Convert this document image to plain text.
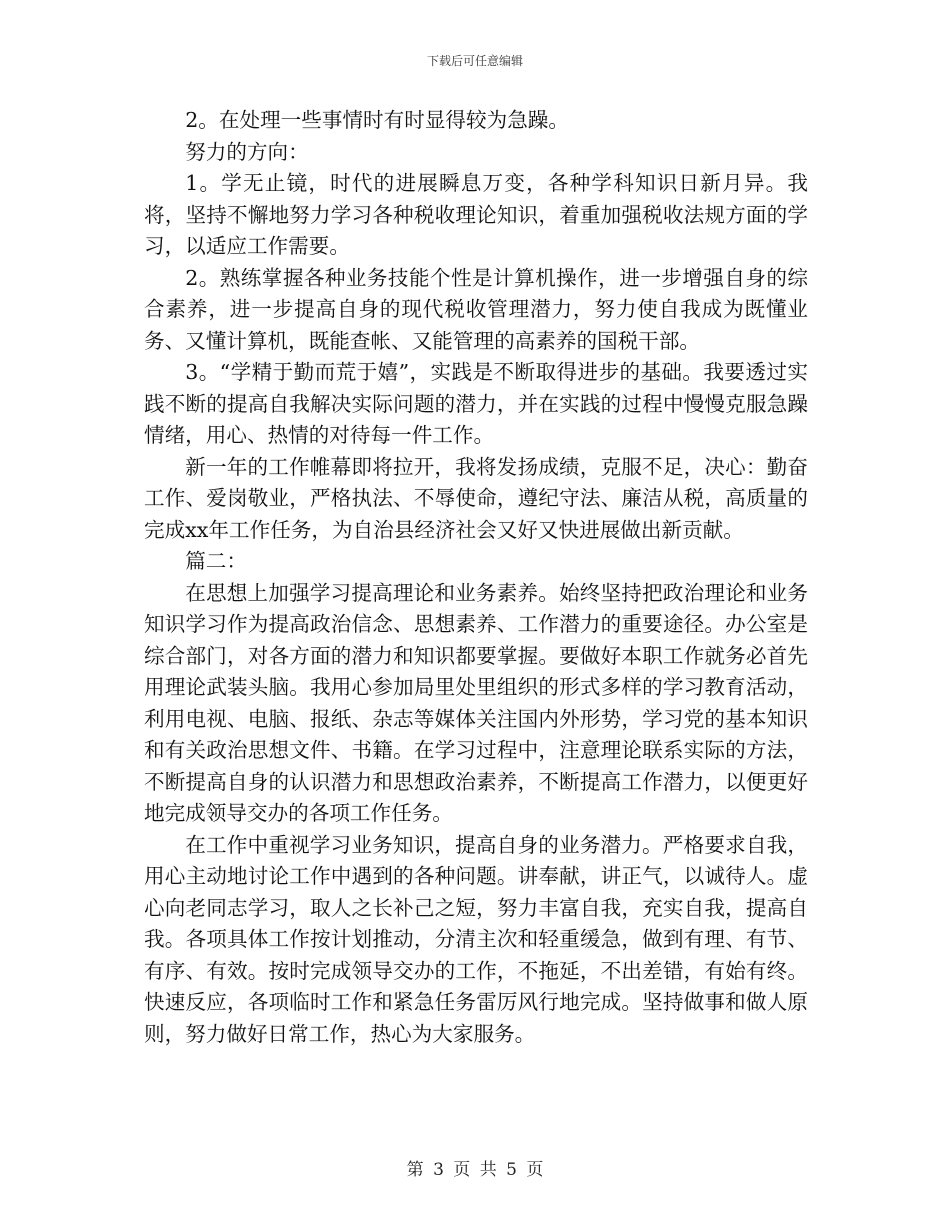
下载后可任意编辑

2。在处理一些事情时有时显得较为急躁。

努力的方向：

1。学无止镜，时代的进展瞬息万变，各种学科知识日新月异。我将，坚持不懈地努力学习各种税收理论知识，着重加强税收法规方面的学习，以适应工作需要。

2。熟练掌握各种业务技能个性是计算机操作，进一步增强自身的综合素养，进一步提高自身的现代税收管理潜力，努力使自我成为既懂业务、又懂计算机，既能查帐、又能管理的高素养的国税干部。

3。“学精于勤而荒于嬉”，实践是不断取得进步的基础。我要透过实践不断的提高自我解决实际问题的潜力，并在实践的过程中慢慢克服急躁情绪，用心、热情的对待每一件工作。

新一年的工作帷幕即将拉开，我将发扬成绩，克服不足，决心：勤奋工作、爱岗敬业，严格执法、不辱使命，遵纪守法、廉洁从税，高质量的完成xx年工作任务，为自治县经济社会又好又快进展做出新贡献。

篇二：

在思想上加强学习提高理论和业务素养。始终坚持把政治理论和业务知识学习作为提高政治信念、思想素养、工作潜力的重要途径。办公室是综合部门，对各方面的潜力和知识都要掌握。要做好本职工作就务必首先用理论武装头脑。我用心参加局里处里组织的形式多样的学习教育活动，利用电视、电脑、报纸、杂志等媒体关注国内外形势，学习党的基本知识和有关政治思想文件、书籍。在学习过程中，注意理论联系实际的方法，不断提高自身的认识潜力和思想政治素养，不断提高工作潜力，以便更好地完成领导交办的各项工作任务。

在工作中重视学习业务知识，提高自身的业务潜力。严格要求自我，用心主动地讨论工作中遇到的各种问题。讲奉献，讲正气，以诚待人。虚心向老同志学习，取人之长补己之短，努力丰富自我，充实自我，提高自我。各项具体工作按计划推动，分清主次和轻重缓急，做到有理、有节、有序、有效。按时完成领导交办的工作，不拖延，不出差错，有始有终。快速反应，各项临时工作和紧急任务雷厉风行地完成。坚持做事和做人原则，努力做好日常工作，热心为大家服务。

第 3 页 共 5 页
